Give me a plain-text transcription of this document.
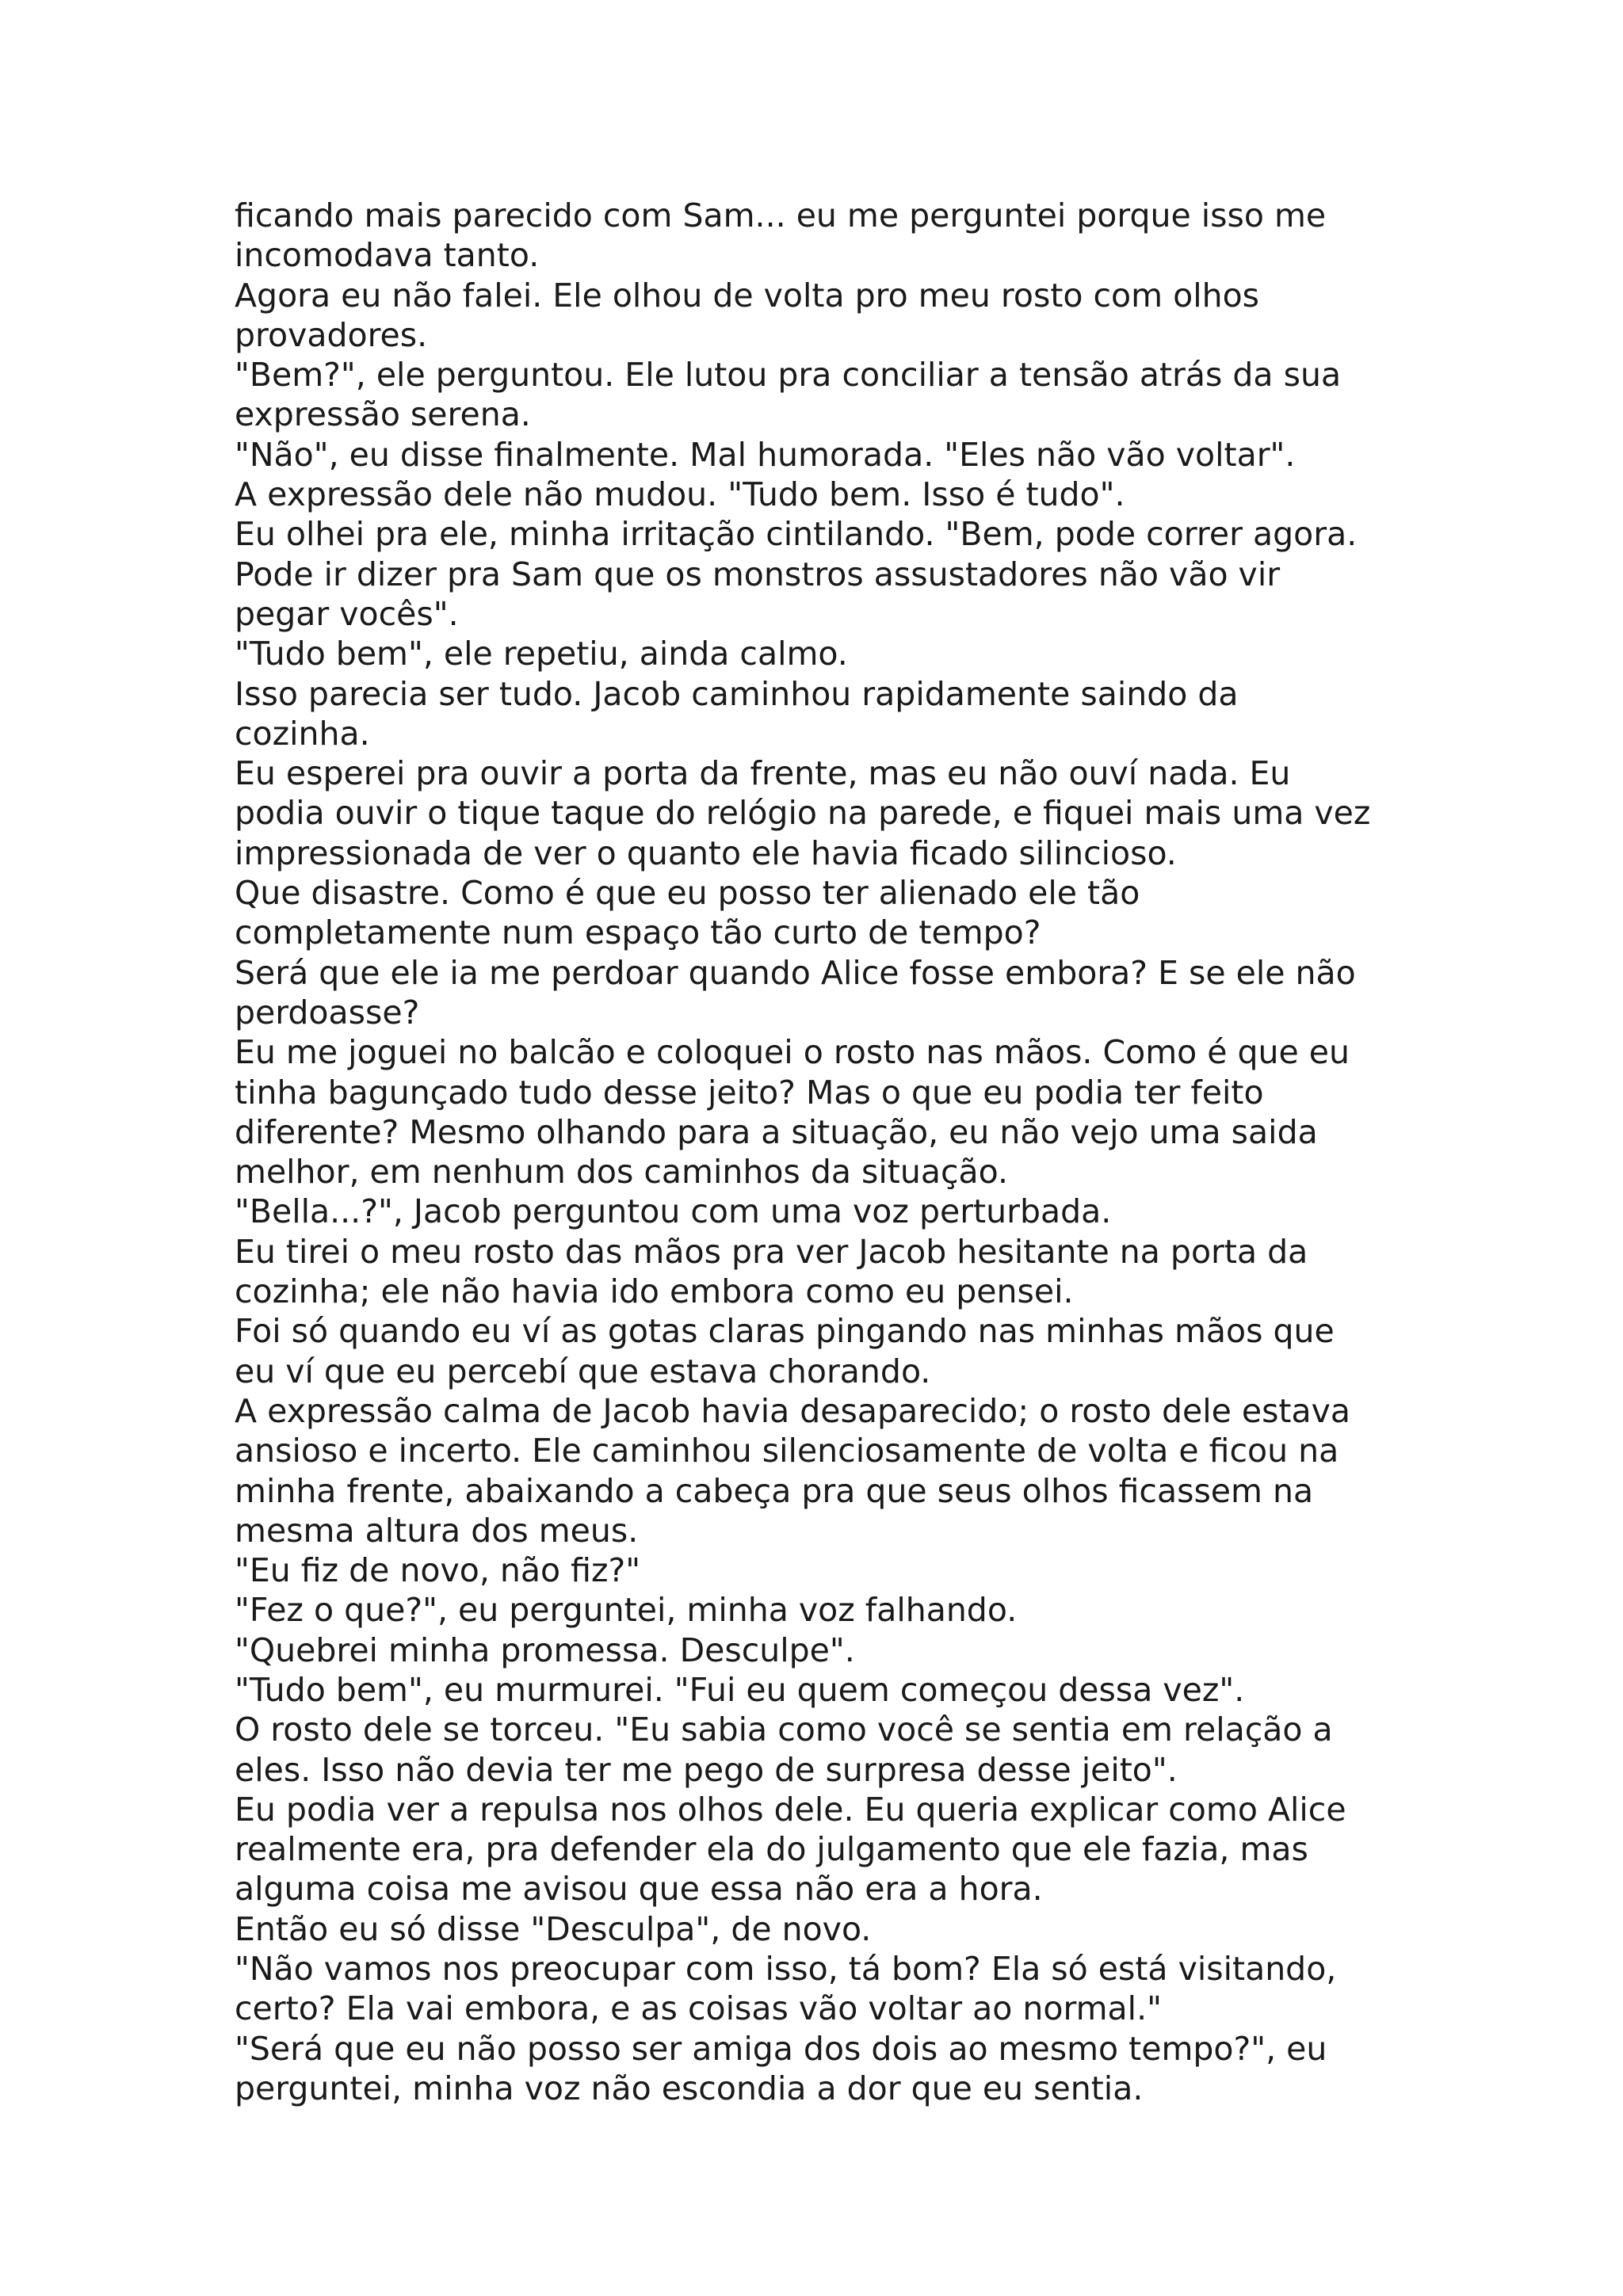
ficando mais parecido com Sam... eu me perguntei porque isso me
incomodava tanto.
Agora eu não falei. Ele olhou de volta pro meu rosto com olhos
provadores.
"Bem?", ele perguntou. Ele lutou pra conciliar a tensão atrás da sua
expressão serena.
"Não", eu disse finalmente. Mal humorada. "Eles não vão voltar".
A expressão dele não mudou. "Tudo bem. Isso é tudo".
Eu olhei pra ele, minha irritação cintilando. "Bem, pode correr agora.
Pode ir dizer pra Sam que os monstros assustadores não vão vir
pegar vocês".
"Tudo bem", ele repetiu, ainda calmo.
Isso parecia ser tudo. Jacob caminhou rapidamente saindo da
cozinha.
Eu esperei pra ouvir a porta da frente, mas eu não ouví nada. Eu
podia ouvir o tique taque do relógio na parede, e fiquei mais uma vez
impressionada de ver o quanto ele havia ficado silincioso.
Que disastre. Como é que eu posso ter alienado ele tão
completamente num espaço tão curto de tempo?
Será que ele ia me perdoar quando Alice fosse embora? E se ele não
perdoasse?
Eu me joguei no balcão e coloquei o rosto nas mãos. Como é que eu
tinha bagunçado tudo desse jeito? Mas o que eu podia ter feito
diferente? Mesmo olhando para a situação, eu não vejo uma saida
melhor, em nenhum dos caminhos da situação.
"Bella...?", Jacob perguntou com uma voz perturbada.
Eu tirei o meu rosto das mãos pra ver Jacob hesitante na porta da
cozinha; ele não havia ido embora como eu pensei.
Foi só quando eu ví as gotas claras pingando nas minhas mãos que
eu ví que eu percebí que estava chorando.
A expressão calma de Jacob havia desaparecido; o rosto dele estava
ansioso e incerto. Ele caminhou silenciosamente de volta e ficou na
minha frente, abaixando a cabeça pra que seus olhos ficassem na
mesma altura dos meus.
"Eu fiz de novo, não fiz?"
"Fez o que?", eu perguntei, minha voz falhando.
"Quebrei minha promessa. Desculpe".
"Tudo bem", eu murmurei. "Fui eu quem começou dessa vez".
O rosto dele se torceu. "Eu sabia como você se sentia em relação a
eles. Isso não devia ter me pego de surpresa desse jeito".
Eu podia ver a repulsa nos olhos dele. Eu queria explicar como Alice
realmente era, pra defender ela do julgamento que ele fazia, mas
alguma coisa me avisou que essa não era a hora.
Então eu só disse "Desculpa", de novo.
"Não vamos nos preocupar com isso, tá bom? Ela só está visitando,
certo? Ela vai embora, e as coisas vão voltar ao normal."
"Será que eu não posso ser amiga dos dois ao mesmo tempo?", eu
perguntei, minha voz não escondia a dor que eu sentia.
